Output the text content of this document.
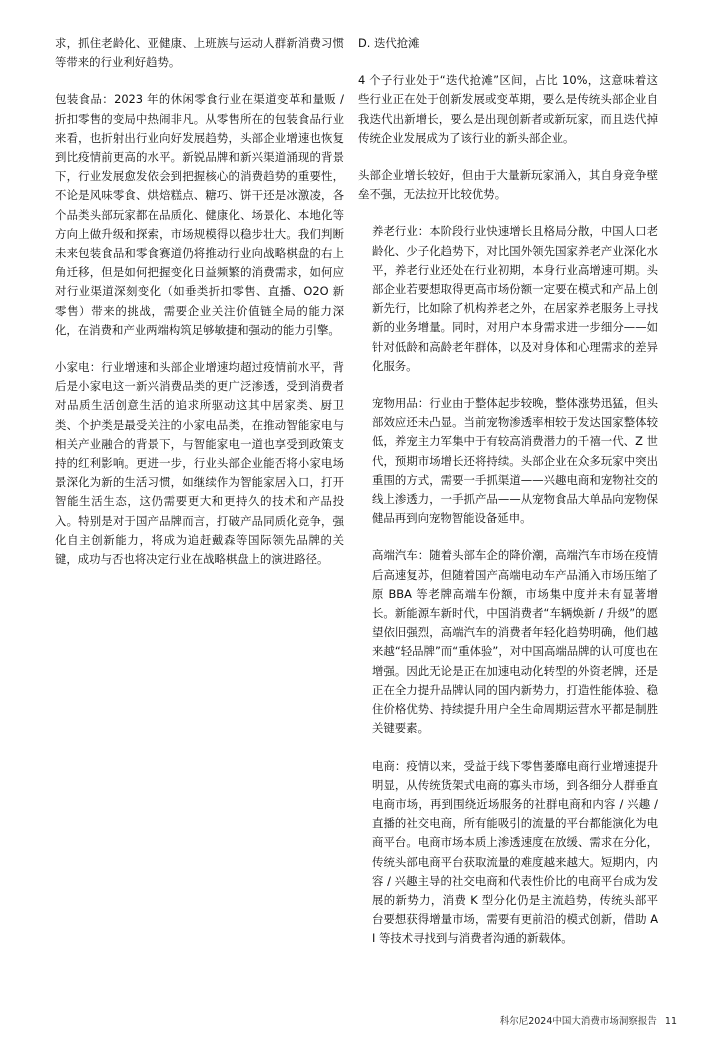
求，抓住老龄化、亚健康、上班族与运动人群新消费习惯等带来的行业利好趋势。

包装食品：2023 年的休闲零食行业在渠道变革和量贩 / 折扣零售的变局中热闹非凡。从零售所在的包装食品行业来看，也折射出行业向好发展趋势，头部企业增速也恢复到比疫情前更高的水平。新锐品牌和新兴渠道涌现的背景下，行业发展愈发依会到把握核心的消费趋势的重要性，不论是风味零食、烘焙糕点、糖巧、饼干还是冰激凌，各个品类头部玩家都在品质化、健康化、场景化、本地化等方向上做升级和探索，市场规模得以稳步壮大。我们判断未来包装食品和零食赛道仍将推动行业向战略棋盘的右上角迁移，但是如何把握变化日益频繁的消费需求，如何应对行业渠道深刻变化（如垂类折扣零售、直播、O2O 新零售）带来的挑战，需要企业关注价值链全局的能力深化，在消费和产业两端构筑足够敏捷和强动的能力引擎。

小家电：行业增速和头部企业增速均超过疫情前水平，背后是小家电这一新兴消费品类的更广泛渗透，受到消费者对品质生活创意生活的追求所驱动这其中居家类、厨卫类、个护类是最受关注的小家电品类，在推动智能家电与相关产业融合的背景下，与智能家电一道也享受到政策支持的红利影响。更进一步，行业头部企业能否将小家电场景深化为新的生活习惯，如继续作为智能家居入口，打开智能生活生态，这仍需要更大和更持久的技术和产品投入。特别是对于国产品牌而言，打破产品同质化竞争，强化自主创新能力，将成为追赶戴森等国际领先品牌的关键，成功与否也将决定行业在战略棋盘上的演进路径。

D. 迭代抢滩

4 个子行业处于“迭代抢滩”区间，占比 10%，这意味着这些行业正在处于创新发展或变革期，要么是传统头部企业自我迭代出新增长，要么是出现创新者或新玩家，而且迭代掉传统企业发展成为了该行业的新头部企业。

头部企业增长较好，但由于大量新玩家涌入，其自身竞争壁垒不强，无法拉开比较优势。

养老行业：本阶段行业快速增长且格局分散，中国人口老龄化、少子化趋势下，对比国外领先国家养老产业深化水平，养老行业还处在行业初期，本身行业高增速可期。头部企业若要想取得更高市场份额一定要在模式和产品上创新先行，比如除了机构养老之外，在居家养老服务上寻找新的业务增量。同时，对用户本身需求进一步细分——如针对低龄和高龄老年群体，以及对身体和心理需求的差异化服务。

宠物用品：行业由于整体起步较晚，整体涨势迅猛，但头部效应还未凸显。当前宠物渗透率相较于发达国家整体较低，养宠主力军集中于有较高消费潜力的千禧一代、Z 世代，预期市场增长还将持续。头部企业在众多玩家中突出重围的方式，需要一手抓渠道——兴趣电商和宠物社交的线上渗透力，一手抓产品——从宠物食品大单品向宠物保健品再到向宠物智能设备延申。

高端汽车：随着头部车企的降价潮，高端汽车市场在疫情后高速复苏，但随着国产高端电动车产品涌入市场压缩了原 BBA 等老牌高端车份额，市场集中度并未有显著增长。新能源车新时代，中国消费者“车辆焕新 / 升级”的愿望依旧强烈，高端汽车的消费者年轻化趋势明确，他们越来越“轻品牌”而“重体验”，对中国高端品牌的认可度也在增强。因此无论是正在加速电动化转型的外资老牌，还是正在全力提升品牌认同的国内新势力，打造性能体验、稳住价格优势、持续提升用户全生命周期运营水平都是制胜关键要素。

电商：疫情以来，受益于线下零售萎靡电商行业增速提升明显，从传统货架式电商的寡头市场，到各细分人群垂直电商市场，再到围绕近场服务的社群电商和内容 / 兴趣 / 直播的社交电商，所有能吸引的流量的平台都能演化为电商平台。电商市场本质上渗透速度在放缓、需求在分化，传统头部电商平台获取流量的难度越来越大。短期内，内容 / 兴趣主导的社交电商和代表性价比的电商平台成为发展的新势力，消费 K 型分化仍是主流趋势，传统头部平台要想获得增量市场，需要有更前沿的模式创新，借助 AI 等技术寻找到与消费者沟通的新载体。

科尔尼2024中国大消费市场洞察报告 11
